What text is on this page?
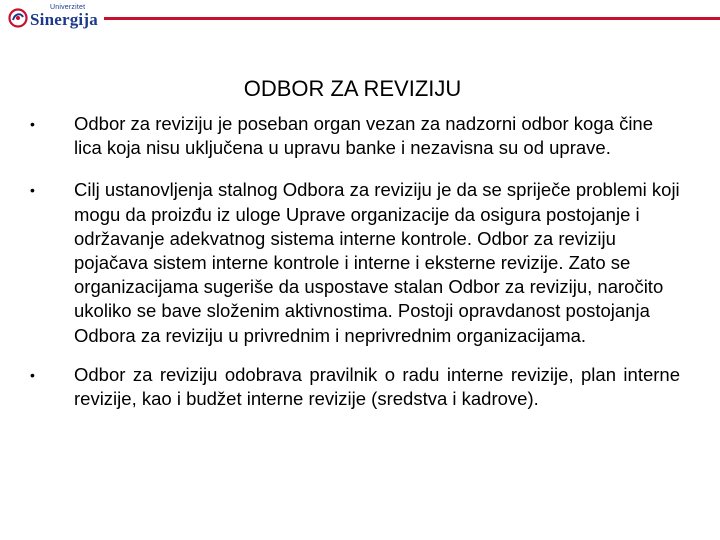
Univerzitet
Sinergija
ODBOR ZA REVIZIJU
• Odbor za reviziju je poseban organ vezan za nadzorni odbor koga čine lica koja nisu uključena u upravu banke i nezavisna su od uprave.
• Cilj ustanovljenja stalnog Odbora za reviziju je da se spriječe problemi koji mogu da proizđu iz uloge Uprave organizacije da osigura postojanje i održavanje adekvatnog sistema interne kontrole. Odbor za reviziju pojačava sistem interne kontrole i interne i eksterne revizije. Zato se organizacijama sugeriše da uspostave stalan Odbor za reviziju, naročito ukoliko se bave složenim aktivnostima. Postoji opravdanost postojanja Odbora za reviziju u privrednim i neprivrednim organizacijama.
• Odbor za reviziju odobrava pravilnik o radu interne revizije, plan interne revizije, kao i budžet interne revizije (sredstva i kadrove).
